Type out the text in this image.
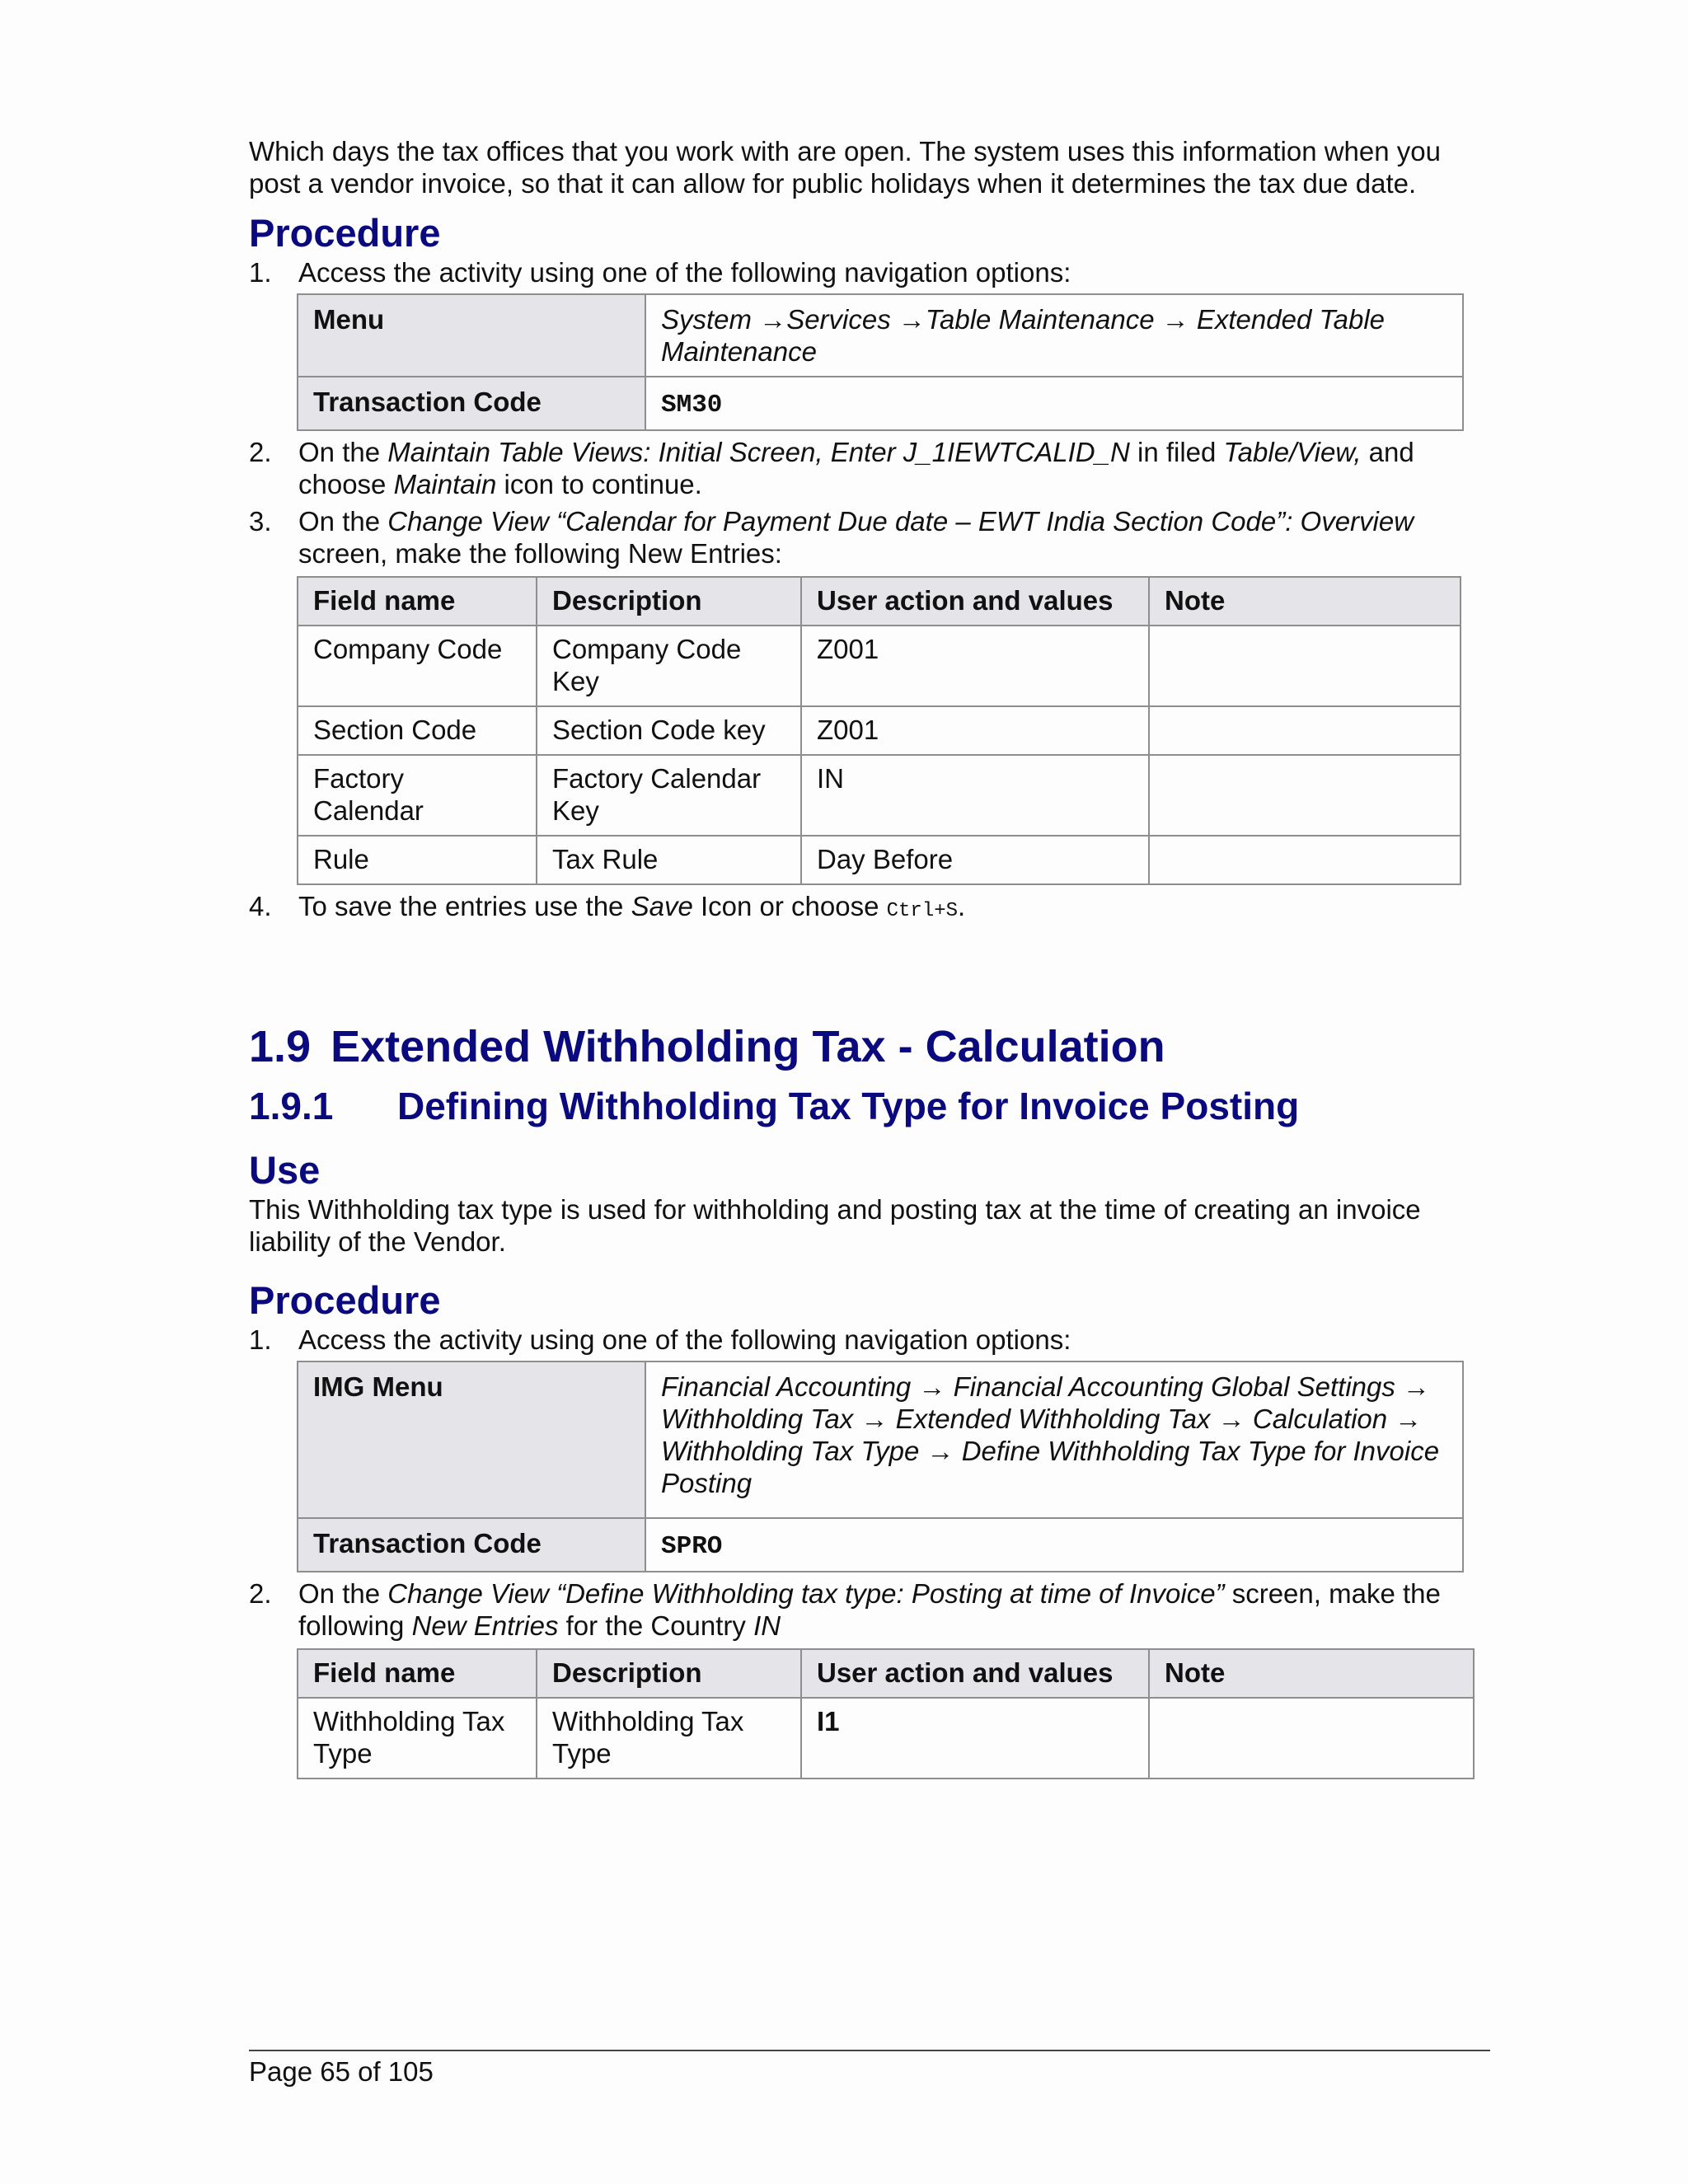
Which days the tax offices that you work with are open. The system uses this information when you post a vendor invoice, so that it can allow for public holidays when it determines the tax due date.

Procedure
1. Access the activity using one of the following navigation options:
Menu	System →Services →Table Maintenance → Extended Table Maintenance
Transaction Code	SM30
2. On the Maintain Table Views: Initial Screen, Enter J_1IEWTCALID_N in filed Table/View, and choose Maintain icon to continue.
3. On the Change View “Calendar for Payment Due date – EWT India Section Code”: Overview screen, make the following New Entries:
Field name	Description	User action and values	Note
Company Code	Company Code Key	Z001	
Section Code	Section Code key	Z001	
Factory Calendar	Factory Calendar Key	IN	
Rule	Tax Rule	Day Before	
4. To save the entries use the Save Icon or choose Ctrl+S.
1.9 Extended Withholding Tax - Calculation
1.9.1 Defining Withholding Tax Type for Invoice Posting
Use

This Withholding tax type is used for withholding and posting tax at the time of creating an invoice liability of the Vendor.

Procedure
1. Access the activity using one of the following navigation options:
IMG Menu	Financial Accounting → Financial Accounting Global Settings → Withholding Tax → Extended Withholding Tax → Calculation → Withholding Tax Type → Define Withholding Tax Type for Invoice Posting
Transaction Code	SPRO
2. On the Change View “Define Withholding tax type: Posting at time of Invoice” screen, make the following New Entries for the Country IN
Field name	Description	User action and values	Note
Withholding Tax Type	Withholding Tax Type	I1	
Page 65 of 105
